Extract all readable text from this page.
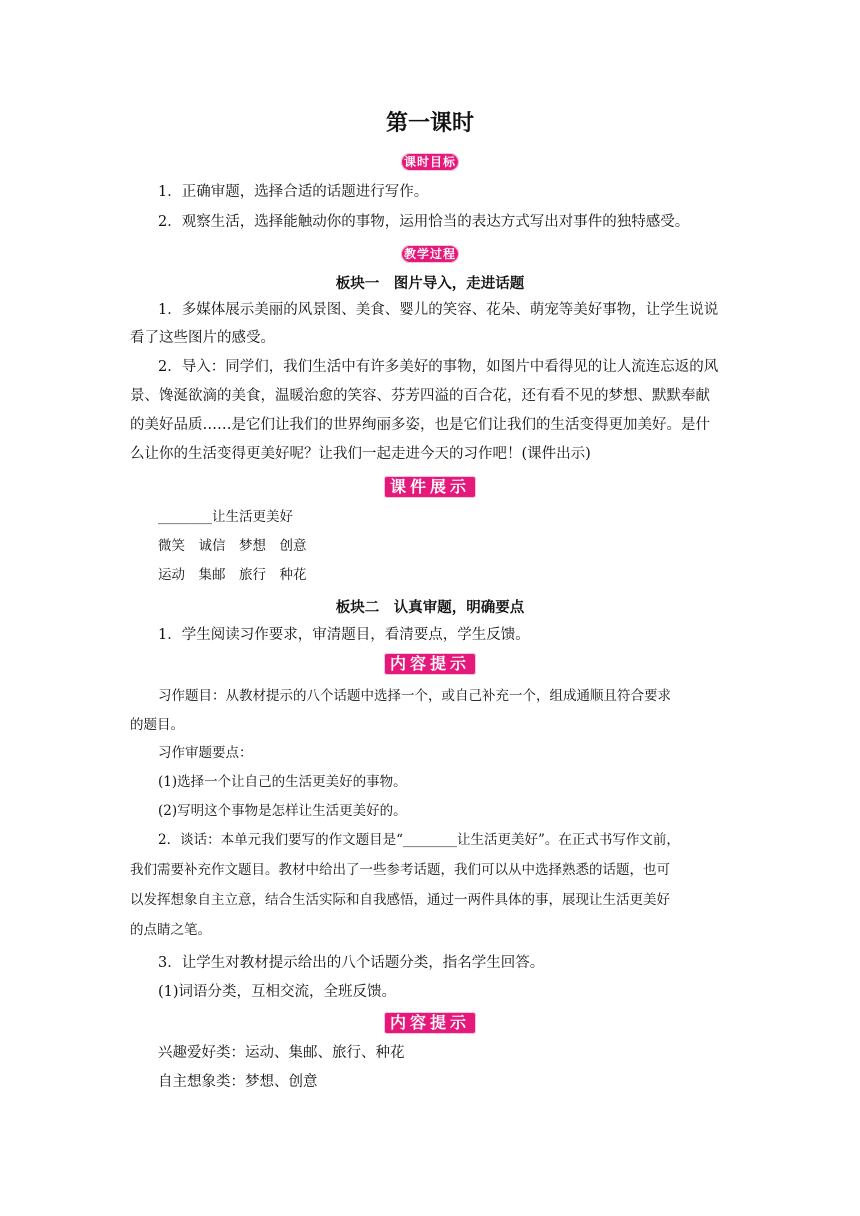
第一课时
课时目标
1．正确审题，选择合适的话题进行写作。
2．观察生活，选择能触动你的事物，运用恰当的表达方式写出对事件的独特感受。
教学过程
板块一　图片导入，走进话题
1．多媒体展示美丽的风景图、美食、婴儿的笑容、花朵、萌宠等美好事物，让学生说说
看了这些图片的感受。
2．导入：同学们，我们生活中有许多美好的事物，如图片中看得见的让人流连忘返的风
景、馋涎欲滴的美食，温暖治愈的笑容、芬芳四溢的百合花，还有看不见的梦想、默默奉献
的美好品质……是它们让我们的世界绚丽多姿，也是它们让我们的生活变得更加美好。是什
么让你的生活变得更美好呢？让我们一起走进今天的习作吧！(课件出示)
课件展示
________让生活更美好
微笑　诚信　梦想　创意
运动　集邮　旅行　种花
板块二　认真审题，明确要点
1．学生阅读习作要求，审清题目，看清要点，学生反馈。
内容提示
习作题目：从教材提示的八个话题中选择一个，或自己补充一个，组成通顺且符合要求
的题目。
习作审题要点：
(1)选择一个让自己的生活更美好的事物。
(2)写明这个事物是怎样让生活更美好的。
2．谈话：本单元我们要写的作文题目是“________让生活更美好”。在正式书写作文前，
我们需要补充作文题目。教材中给出了一些参考话题，我们可以从中选择熟悉的话题，也可
以发挥想象自主立意，结合生活实际和自我感悟，通过一两件具体的事，展现让生活更美好
的点睛之笔。
3．让学生对教材提示给出的八个话题分类，指名学生回答。
(1)词语分类，互相交流，全班反馈。
内容提示
兴趣爱好类：运动、集邮、旅行、种花
自主想象类：梦想、创意
